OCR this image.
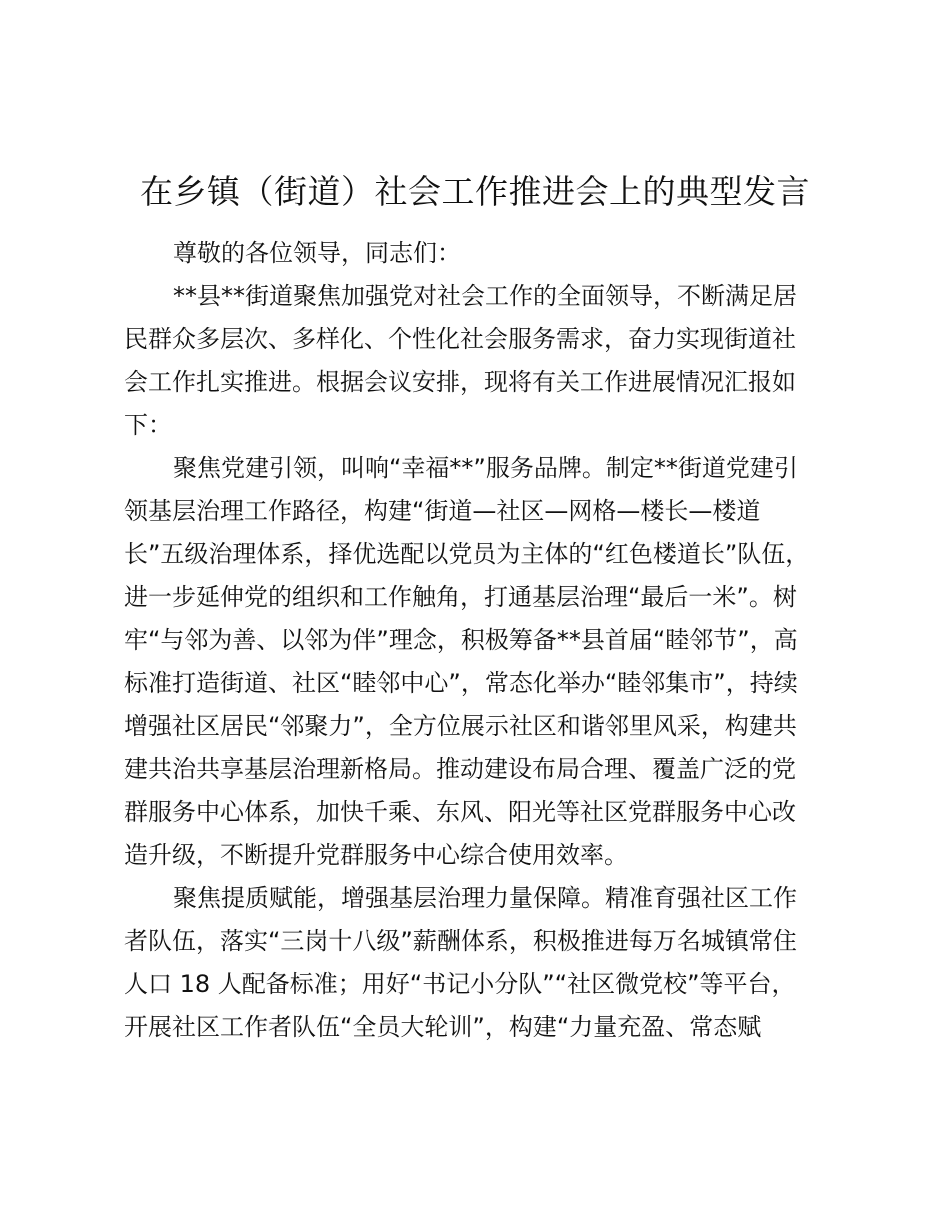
在乡镇（街道）社会工作推进会上的典型发言
尊敬的各位领导，同志们：
**县**街道聚焦加强党对社会工作的全面领导，不断满足居
民群众多层次、多样化、个性化社会服务需求，奋力实现街道社
会工作扎实推进。根据会议安排，现将有关工作进展情况汇报如
下：
聚焦党建引领，叫响“幸福**”服务品牌。制定**街道党建引
领基层治理工作路径，构建“街道—社区—网格—楼长—楼道
长”五级治理体系，择优选配以党员为主体的“红色楼道长”队伍，
进一步延伸党的组织和工作触角，打通基层治理“最后一米”。树
牢“与邻为善、以邻为伴”理念，积极筹备**县首届“睦邻节”，高
标准打造街道、社区“睦邻中心”，常态化举办“睦邻集市”，持续
增强社区居民“邻聚力”，全方位展示社区和谐邻里风采，构建共
建共治共享基层治理新格局。推动建设布局合理、覆盖广泛的党
群服务中心体系，加快千乘、东风、阳光等社区党群服务中心改
造升级，不断提升党群服务中心综合使用效率。
聚焦提质赋能，增强基层治理力量保障。精准育强社区工作
者队伍，落实“三岗十八级”薪酬体系，积极推进每万名城镇常住
人口 18 人配备标准；用好“书记小分队”“社区微党校”等平台，
开展社区工作者队伍“全员大轮训”，构建“力量充盈、常态赋
